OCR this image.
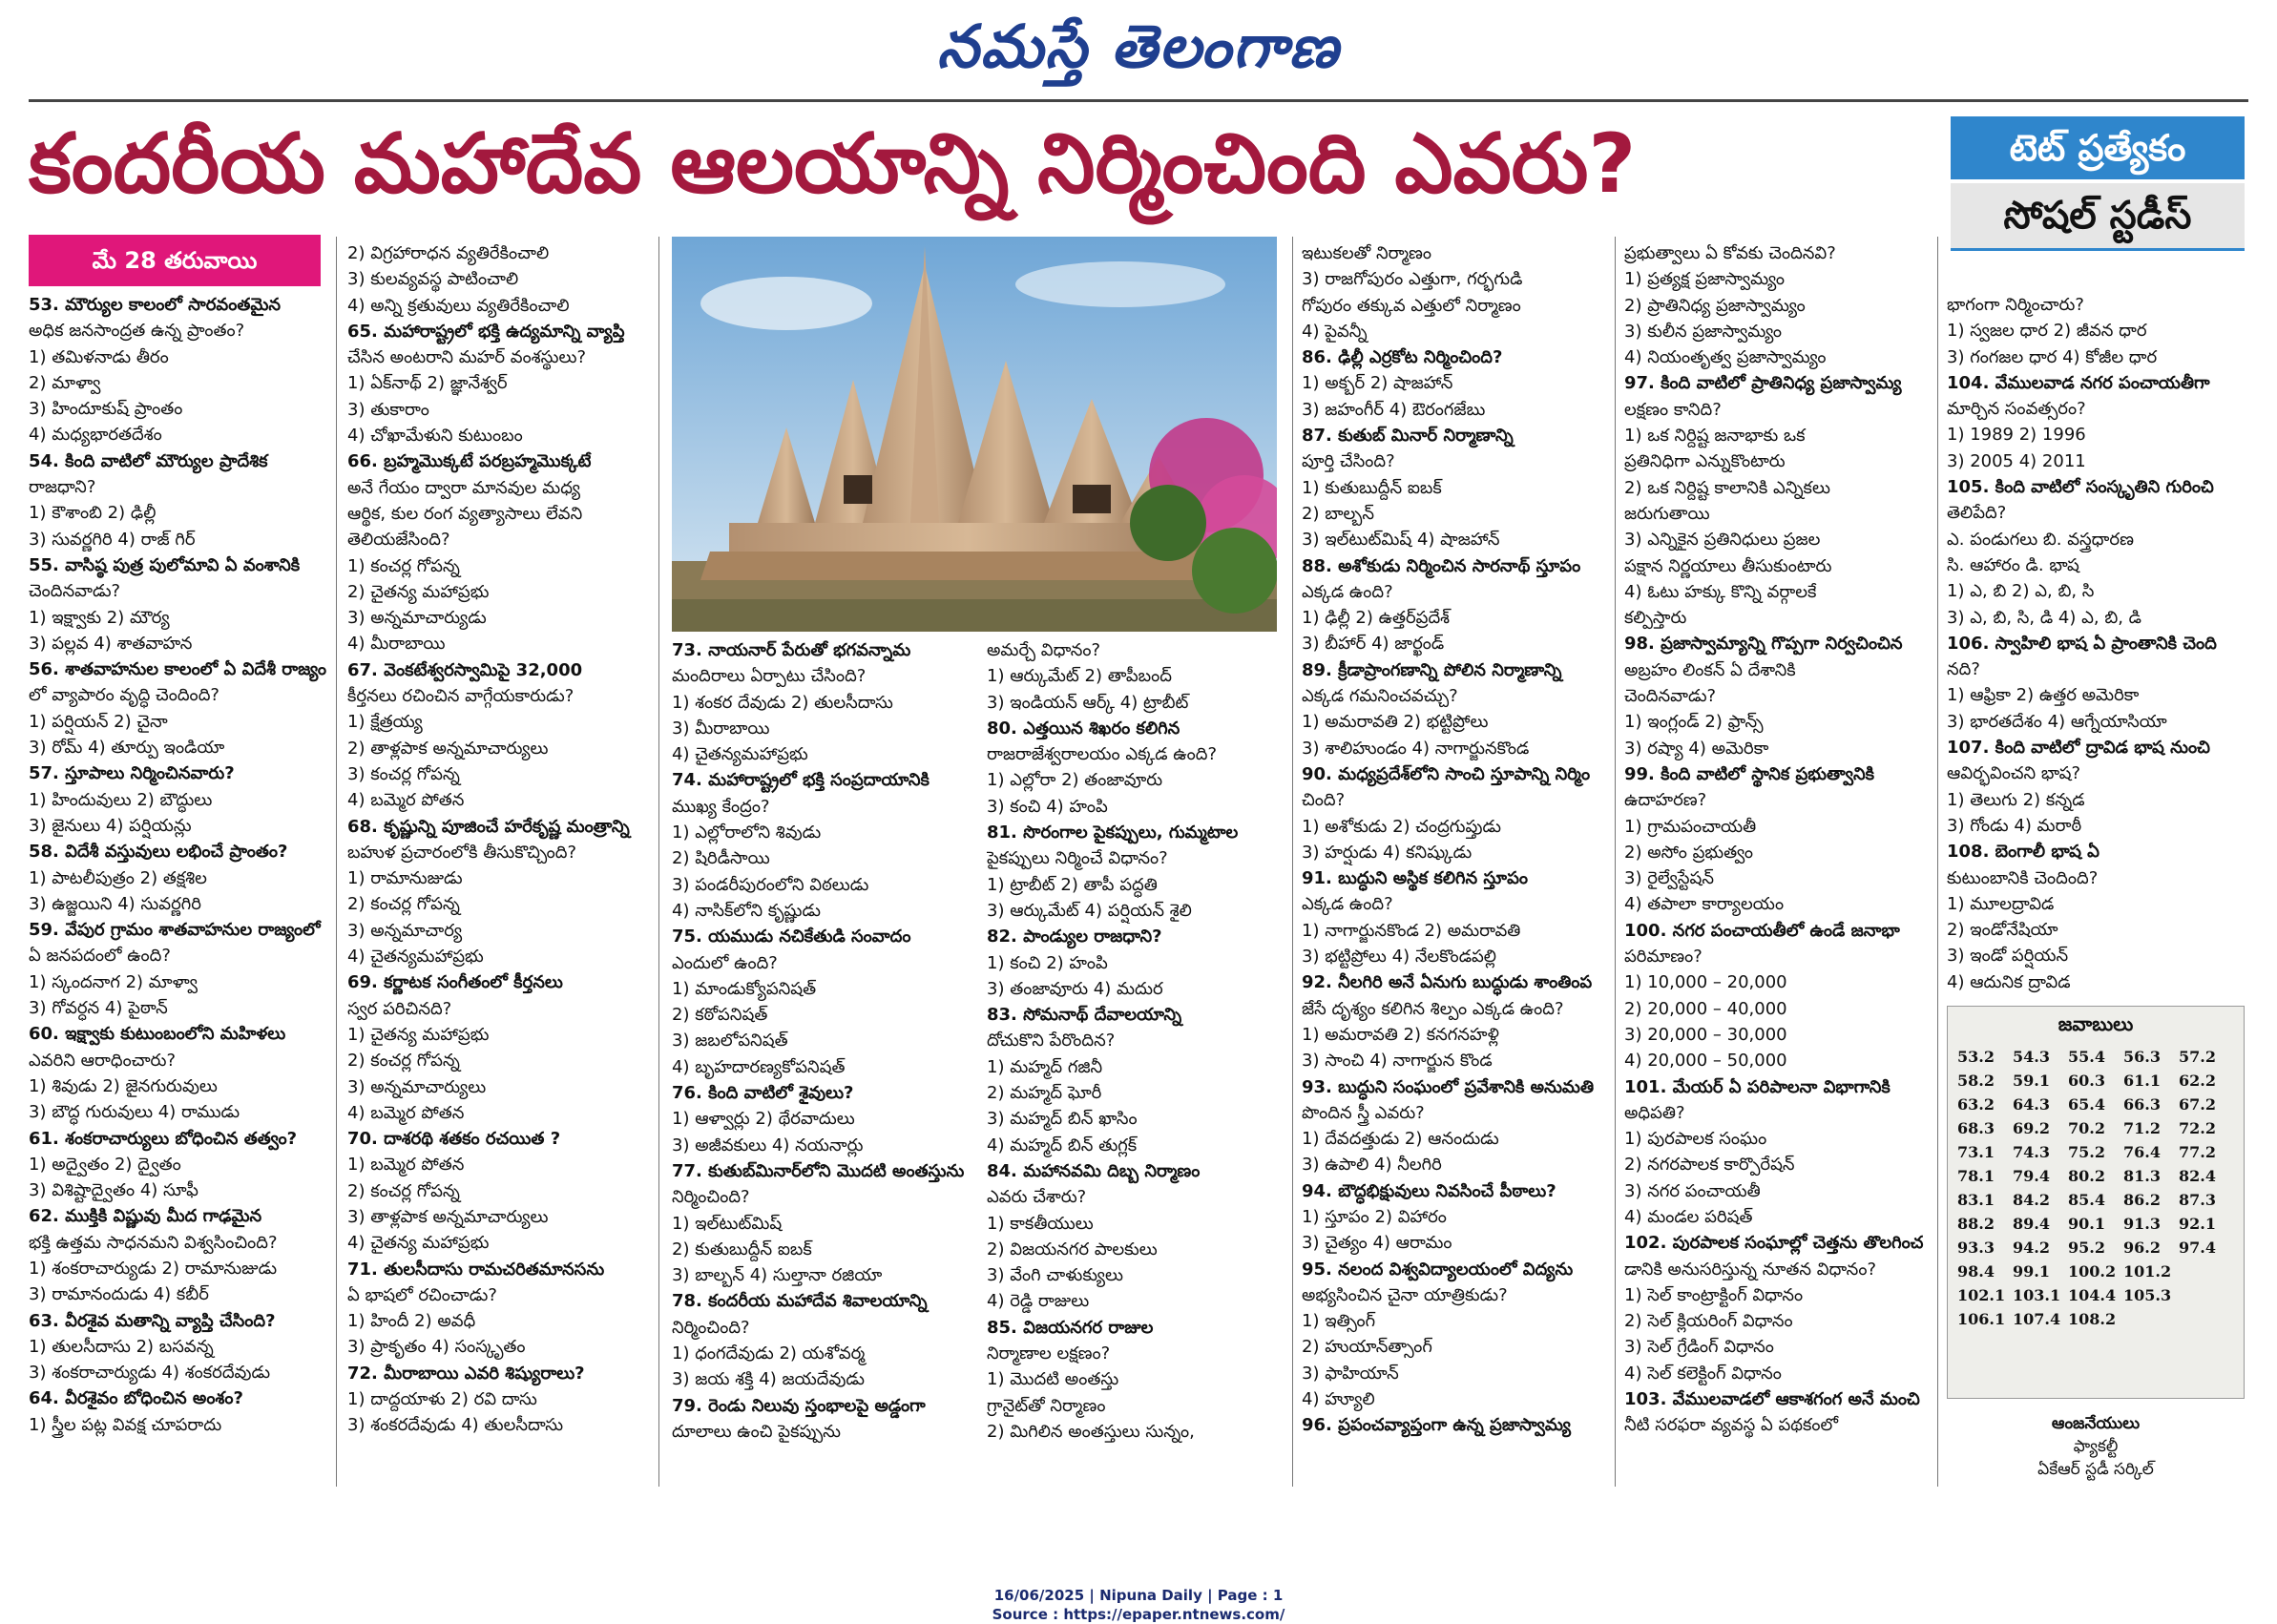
నమస్తే తెలంగాణ
కందరీయ మహాదేవ ఆలయాన్ని నిర్మించింది ఎవరు?	టెట్ ప్రత్యేకం
సోషల్ స్టడీస్
మే 28 తరువాయి
53. మౌర్యుల కాలంలో సారవంతమైన
అధిక జనసాంద్రత ఉన్న ప్రాంతం?
1) తమిళనాడు తీరం
2) మాళ్వా
3) హిందూకుష్ ప్రాంతం
4) మధ్యభారతదేశం
54. కింది వాటిలో మౌర్యుల ప్రాదేశిక
రాజధాని?
1) కౌశాంబి 2) ఢిల్లీ
3) సువర్ణగిరి 4) రాజ్ గిర్
55. వాసిష్ఠ పుత్ర పులోమావి ఏ వంశానికి
చెందినవాడు?
1) ఇక్ష్వాకు 2) మౌర్య
3) పల్లవ 4) శాతవాహన
56. శాతవాహనుల కాలంలో ఏ విదేశీ రాజ్యం
లో వ్యాపారం వృద్ధి చెందింది?
1) పర్షియన్ 2) చైనా
3) రోమ్ 4) తూర్పు ఇండియా
57. స్తూపాలు నిర్మించినవారు?
1) హిందువులు 2) బౌద్ధులు
3) జైనులు 4) పర్షియన్లు
58. విదేశీ వస్తువులు లభించే ప్రాంతం?
1) పాటలీపుత్రం 2) తక్షశిల
3) ఉజ్జయిని 4) సువర్ణగిరి
59. వేపుర గ్రామం శాతవాహనుల రాజ్యంలో
ఏ జనపదంలో ఉంది?
1) స్కందనాగ 2) మాళ్వా
3) గోవర్ధన 4) పైఠాన్
60. ఇక్ష్వాకు కుటుంబంలోని మహిళలు
ఎవరిని ఆరాధించారు?
1) శివుడు 2) జైనగురువులు
3) బౌద్ధ గురువులు 4) రాముడు
61. శంకరాచార్యులు బోధించిన తత్వం?
1) అద్వైతం 2) ద్వైతం
3) విశిష్టాద్వైతం 4) సూఫీ
62. ముక్తికి విష్ణువు మీద గాఢమైన
భక్తి ఉత్తమ సాధనమని విశ్వసించింది?
1) శంకరాచార్యుడు 2) రామానుజుడు
3) రామానందుడు 4) కబీర్
63. వీరశైవ మతాన్ని వ్యాప్తి చేసింది?
1) తులసీదాసు 2) బసవన్న
3) శంకరాచార్యుడు 4) శంకరదేవుడు
64. వీరశైవం బోధించిన అంశం?
1) స్త్రీల పట్ల వివక్ష చూపరాదు
2) విగ్రహారాధన వ్యతిరేకించాలి
3) కులవ్యవస్థ పాటించాలి
4) అన్ని క్రతువులు వ్యతిరేకించాలి
65. మహారాష్ట్రలో భక్తి ఉద్యమాన్ని వ్యాప్తి
చేసిన అంటరాని మహర్ వంశస్థులు?
1) ఏక్‌నాథ్ 2) జ్ఞానేశ్వర్
3) తుకారాం
4) చోఖామేళుని కుటుంబం
66. బ్రహ్మమొక్కటే పరబ్రహ్మమొక్కటే
అనే గేయం ద్వారా మానవుల మధ్య
ఆర్థిక, కుల రంగ వ్యత్యాసాలు లేవని
తెలియజేసింది?
1) కంచర్ల గోపన్న
2) చైతన్య మహాప్రభు
3) అన్నమాచార్యుడు
4) మీరాబాయి
67. వెంకటేశ్వరస్వామిపై 32,000
కీర్తనలు రచించిన వాగ్గేయకారుడు?
1) క్షేత్రయ్య
2) తాళ్లపాక అన్నమాచార్యులు
3) కంచర్ల గోపన్న
4) బమ్మెర పోతన
68. కృష్ణున్ని పూజించే హరేకృష్ణ మంత్రాన్ని
బహుళ ప్రచారంలోకి తీసుకొచ్చింది?
1) రామానుజుడు
2) కంచర్ల గోపన్న
3) అన్నమాచార్య
4) చైతన్యమహాప్రభు
69. కర్ణాటక సంగీతంలో కీర్తనలు
స్వర పరిచినది?
1) చైతన్య మహాప్రభు
2) కంచర్ల గోపన్న
3) అన్నమాచార్యులు
4) బమ్మెర పోతన
70. దాశరథి శతకం రచయిత ?
1) బమ్మెర పోతన
2) కంచర్ల గోపన్న
3) తాళ్లపాక అన్నమాచార్యులు
4) చైతన్య మహాప్రభు
71. తులసీదాసు రామచరితమానసను
ఏ భాషలో రచించాడు?
1) హిందీ 2) అవధీ
3) ప్రాకృతం 4) సంస్కృతం
72. మీరాబాయి ఎవరి శిష్యురాలు?
1) దాద్దయాళు 2) రవి దాసు
3) శంకరదేవుడు 4) తులసీదాసు
73. నాయనార్ పేరుతో భగవన్నామ
మందిరాలు ఏర్పాటు చేసింది?
1) శంకర దేవుడు 2) తులసీదాసు
3) మీరాబాయి
4) చైతన్యమహాప్రభు
74. మహారాష్ట్రలో భక్తి సంప్రదాయానికి
ముఖ్య కేంద్రం?
1) ఎల్లోరాలోని శివుడు
2) షిరిడీసాయి
3) పండరీపురంలోని విఠలుడు
4) నాసిక్‌లోని కృష్ణుడు
75. యముడు నచికేతుడి సంవాదం
ఎందులో ఉంది?
1) మాండుక్యోపనిషత్
2) కఠోపనిషత్
3) జబలోపనిషత్
4) బృహదారణ్యకోపనిషత్
76. కింది వాటిలో శైవులు?
1) ఆళ్వార్లు 2) థేరవాదులు
3) అజీవకులు 4) నయనార్లు
77. కుతుబ్‌మినార్‌లోని మొదటి అంతస్తును
నిర్మించింది?
1) ఇల్‌టుట్‌మిష్
2) కుతుబుద్దీన్ ఐబక్
3) బాల్బన్ 4) సుల్తానా రజియా
78. కందరీయ మహాదేవ శివాలయాన్ని
నిర్మించింది?
1) ధంగదేవుడు 2) యశోవర్మ
3) జయ శక్తి 4) జయదేవుడు
79. రెండు నిలువు స్తంభాలపై అడ్డంగా
దూలాలు ఉంచి పైకప్పును
అమర్చే విధానం?
1) ఆర్కుమేట్ 2) తాపీబంద్
3) ఇండియన్ ఆర్క్ 4) ట్రాబీట్
80. ఎత్తయిన శిఖరం కలిగిన
రాజరాజేశ్వరాలయం ఎక్కడ ఉంది?
1) ఎల్లోరా 2) తంజావూరు
3) కంచి 4) హంపి
81. సొరంగాల పైకప్పులు, గుమ్మటాల
పైకప్పులు నిర్మించే విధానం?
1) ట్రాబీట్ 2) తాపీ పద్ధతి
3) ఆర్కుమేట్ 4) పర్షియన్ శైలి
82. పాండ్యుల రాజధాని?
1) కంచి 2) హంపి
3) తంజావూరు 4) మదుర
83. సోమనాథ్ దేవాలయాన్ని
దోచుకొని పేరొందిన?
1) మహ్మద్ గజినీ
2) మహ్మద్ ఘోరీ
3) మహ్మద్ బిన్ ఖాసిం
4) మహ్మద్ బిన్ తుగ్లక్
84. మహానవమి దిబ్బ నిర్మాణం
ఎవరు చేశారు?
1) కాకతీయులు
2) విజయనగర పాలకులు
3) వేంగి చాళుక్యులు
4) రెడ్డి రాజులు
85. విజయనగర రాజుల
నిర్మాణాల లక్షణం?
1) మొదటి అంతస్తు
గ్రానైట్‌తో నిర్మాణం
2) మిగిలిన అంతస్తులు సున్నం,
ఇటుకలతో నిర్మాణం
3) రాజగోపురం ఎత్తుగా, గర్భగుడి
గోపురం తక్కువ ఎత్తులో నిర్మాణం
4) పైవన్నీ
86. ఢిల్లీ ఎర్రకోట నిర్మించింది?
1) అక్బర్ 2) షాజహాన్
3) జహంగీర్ 4) ఔరంగజేబు
87. కుతుబ్ మినార్ నిర్మాణాన్ని
పూర్తి చేసింది?
1) కుతుబుద్దీన్ ఐబక్
2) బాల్బన్
3) ఇల్‌టుట్‌మిష్ 4) షాజహాన్
88. అశోకుడు నిర్మించిన సారనాథ్ స్తూపం
ఎక్కడ ఉంది?
1) ఢిల్లీ 2) ఉత్తర్‌ప్రదేశ్
3) బీహార్ 4) జార్ఖండ్
89. క్రీడాప్రాంగణాన్ని పోలిన నిర్మాణాన్ని
ఎక్కడ గమనించవచ్చు?
1) అమరావతి 2) భట్టిప్రోలు
3) శాలిహుండం 4) నాగార్జునకొండ
90. మధ్యప్రదేశ్‌లోని సాంచి స్తూపాన్ని నిర్మిం
చింది?
1) అశోకుడు 2) చంద్రగుప్తుడు
3) హర్షుడు 4) కనిష్కుడు
91. బుద్ధుని అస్థిక కలిగిన స్తూపం
ఎక్కడ ఉంది?
1) నాగార్జునకొండ 2) అమరావతి
3) భట్టిప్రోలు 4) నేలకొండపల్లి
92. నీలగిరి అనే ఏనుగు బుద్ధుడు శాంతింప
జేసే దృశ్యం కలిగిన శిల్పం ఎక్కడ ఉంది?
1) అమరావతి 2) కనగనహళ్లి
3) సాంచి 4) నాగార్జున కొండ
93. బుద్ధుని సంఘంలో ప్రవేశానికి అనుమతి
పొందిన స్త్రీ ఎవరు?
1) దేవదత్తుడు 2) ఆనందుడు
3) ఉపాలి 4) నీలగిరి
94. బౌద్ధభిక్షువులు నివసించే పీఠాలు?
1) స్తూపం 2) విహారం
3) చైత్యం 4) ఆరామం
95. నలంద విశ్వవిద్యాలయంలో విద్యను
అభ్యసించిన చైనా యాత్రికుడు?
1) ఇత్సింగ్
2) హుయాన్‌త్సాంగ్
3) ఫాహియాన్
4) హ్యూలి
96. ప్రపంచవ్యాప్తంగా ఉన్న ప్రజాస్వామ్య
ప్రభుత్వాలు ఏ కోవకు చెందినవి?
1) ప్రత్యక్ష ప్రజాస్వామ్యం
2) ప్రాతినిధ్య ప్రజాస్వామ్యం
3) కులీన ప్రజాస్వామ్యం
4) నియంతృత్వ ప్రజాస్వామ్యం
97. కింది వాటిలో ప్రాతినిధ్య ప్రజాస్వామ్య
లక్షణం కానిది?
1) ఒక నిర్దిష్ట జనాభాకు ఒక
ప్రతినిధిగా ఎన్నుకొంటారు
2) ఒక నిర్దిష్ట కాలానికి ఎన్నికలు
జరుగుతాయి
3) ఎన్నికైన ప్రతినిధులు ప్రజల
పక్షాన నిర్ణయాలు తీసుకుంటారు
4) ఓటు హక్కు కొన్ని వర్గాలకే
కల్పిస్తారు
98. ప్రజాస్వామ్యాన్ని గొప్పగా నిర్వచించిన
అబ్రహం లింకన్ ఏ దేశానికి
చెందినవాడు?
1) ఇంగ్లండ్ 2) ఫ్రాన్స్
3) రష్యా 4) అమెరికా
99. కింది వాటిలో స్థానిక ప్రభుత్వానికి
ఉదాహరణ?
1) గ్రామపంచాయతీ
2) అసోం ప్రభుత్వం
3) రైల్వేస్టేషన్
4) తపాలా కార్యాలయం
100. నగర పంచాయతీలో ఉండే జనాభా
పరిమాణం?
1) 10,000 – 20,000
2) 20,000 – 40,000
3) 20,000 – 30,000
4) 20,000 – 50,000
101. మేయర్ ఏ పరిపాలనా విభాగానికి
అధిపతి?
1) పురపాలక సంఘం
2) నగరపాలక కార్పొరేషన్
3) నగర పంచాయతీ
4) మండల పరిషత్
102. పురపాలక సంఘాల్లో చెత్తను తొలగించ
డానికి అనుసరిస్తున్న నూతన విధానం?
1) సెల్ కాంట్రాక్టింగ్ విధానం
2) సెల్ క్లియరింగ్ విధానం
3) సెల్ గ్రేడింగ్ విధానం
4) సెల్ కలెక్టింగ్ విధానం
103. వేములవాడలో ఆకాశగంగ అనే మంచి
నీటి సరఫరా వ్యవస్థ ఏ పథకంలో
భాగంగా నిర్మించారు?
1) స్వజల ధార 2) జీవన ధార
3) గంగజల ధార 4) కోజీల ధార
104. వేములవాడ నగర పంచాయతీగా
మార్చిన సంవత్సరం?
1) 1989 2) 1996
3) 2005 4) 2011
105. కింది వాటిలో సంస్కృతిని గురించి
తెలిపేది?
ఎ. పండుగలు బి. వస్త్రధారణ
సి. ఆహారం డి. భాష
1) ఎ, బి 2) ఎ, బి, సి
3) ఎ, బి, సి, డి 4) ఎ, బి, డి
106. స్వాహిలి భాష ఏ ప్రాంతానికి చెంది
నది?
1) ఆఫ్రికా 2) ఉత్తర అమెరికా
3) భారతదేశం 4) ఆగ్నేయాసియా
107. కింది వాటిలో ద్రావిడ భాష నుంచి
ఆవిర్భవించని భాష?
1) తెలుగు 2) కన్నడ
3) గోండు 4) మరాఠీ
108. బెంగాలీ భాష ఏ
కుటుంబానికి చెందింది?
1) మూలద్రావిడ
2) ఇండోనేషియా
3) ఇండో పర్షియన్
4) ఆదునిక ద్రావిడ
జవాబులు
53.2	54.3	55.4	56.3	57.2
58.2	59.1	60.3	61.1	62.2
63.2	64.3	65.4	66.3	67.2
68.3	69.2	70.2	71.2	72.2
73.1	74.3	75.2	76.4	77.2
78.1	79.4	80.2	81.3	82.4
83.1	84.2	85.4	86.2	87.3
88.2	89.4	90.1	91.3	92.1
93.3	94.2	95.2	96.2	97.4
98.4	99.1	100.2 101.2
102.1 103.1 104.4 105.3
106.1 107.4 108.2
ఆంజనేయులు
ఫ్యాకల్టీ
ఏకేఆర్ స్టడీ సర్కిల్
16/06/2025 | Nipuna Daily | Page : 1
Source : https://epaper.ntnews.com/
